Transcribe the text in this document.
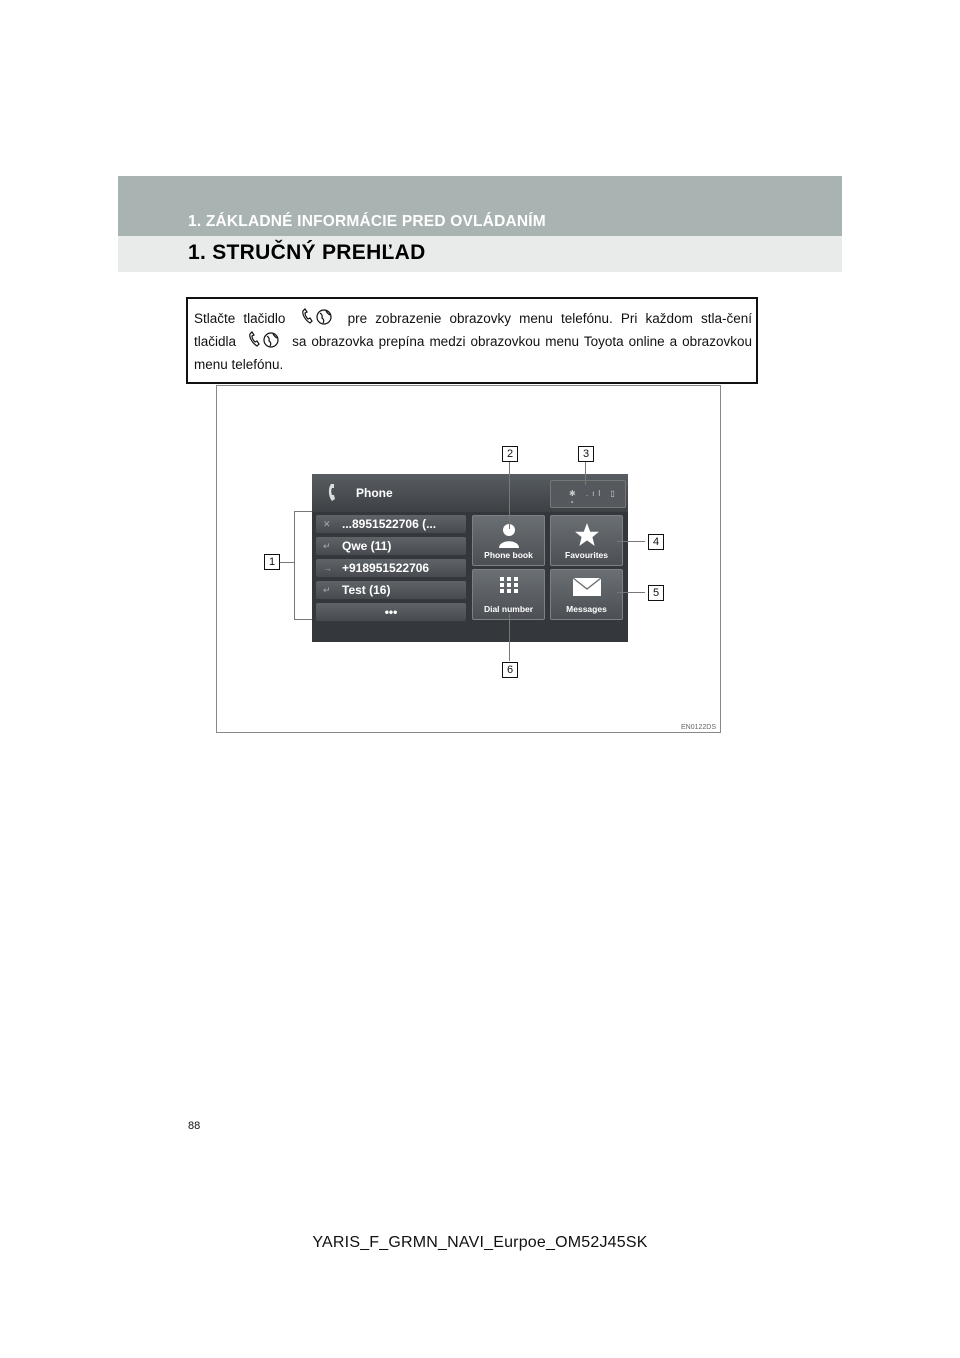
1. ZÁKLADNÉ INFORMÁCIE PRED OVLÁDANÍM
1. STRUČNÝ PREHĽAD
Stlačte tlačidlo	pre zobrazenie obrazovky menu telefónu. Pri každom stla-čení tlačidla	sa obrazovka prepína medzi obrazovkou menu Toyota online a obrazovkou menu telefónu.
Phone	✱ .ıl ▯ ◔
✕ ...8951522706 (...
↵ Qwe (11)
→ +918951522706
↵ Test (16)
•••
Phone book	Favourites
Dial number	Messages
1
2	3
4
5
6
EN0122DS
88
YARIS_F_GRMN_NAVI_Eurpoe_OM52J45SK
